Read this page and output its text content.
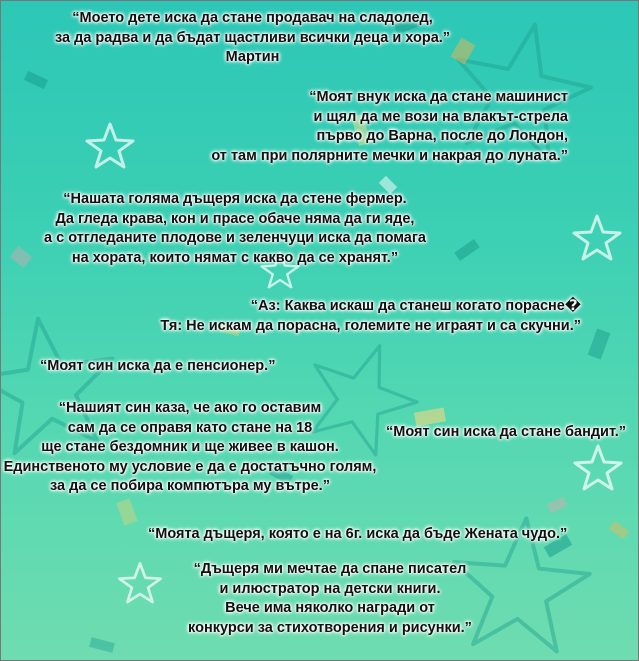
“Моето дете иска да стане продавач на сладолед,
за да радва и да бъдат щастливи всички деца и хора.”
Мартин
“Моят внук иска да стане машинист
и щял да ме вози на влакът-стрела
първо до Варна, после до Лондон,
от там при полярните мечки и накрая до луната.”
“Нашата голяма дъщеря иска да стене фермер.
Да гледа крава, кон и прасе обаче няма да ги яде,
а с отгледаните плодове и зеленчуци иска да помага
на хората, които нямат с какво да се хранят.”
“Аз: Каква искаш да станеш когато порасне�
Тя: Не искам да порасна, големите не играят и са скучни.”
“Моят син иска да е пенсионер.”
“Нашият син каза, че ако го оставим
сам да се оправя като стане на 18
ще стане бездомник и ще живее в кашон.
Единственото му условие е да е достатъчно голям,
за да се побира компютъра му вътре.”
“Моят син иска да стане бандит.”
“Моята дъщеря, която е на 6г. иска да бъде Жената чудо.”
“Дъщеря ми мечтае да спане писател
и илюстратор на детски книги.
Вече има няколко награди от
конкурси за стихотворения и рисунки.”
